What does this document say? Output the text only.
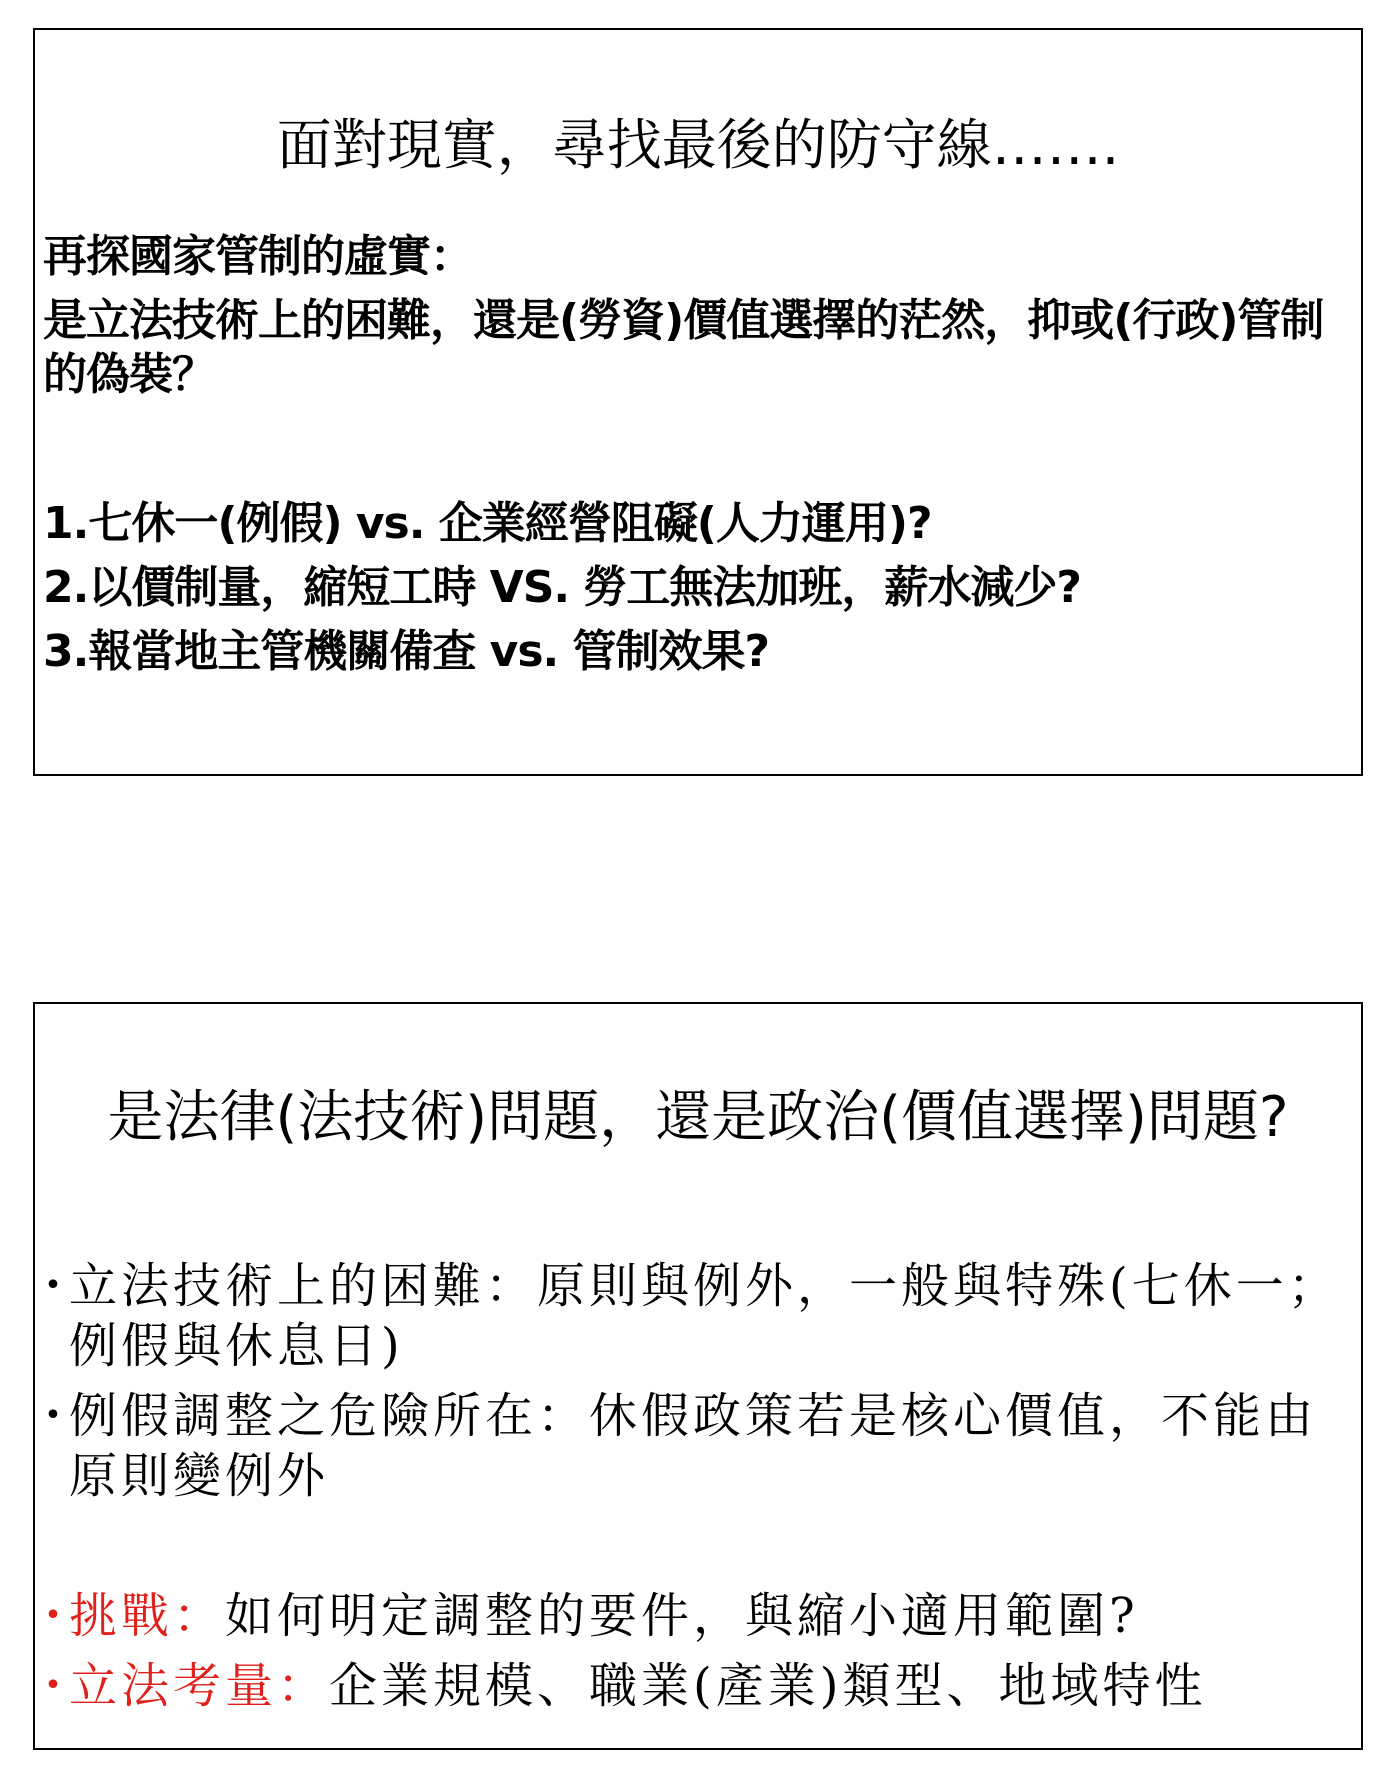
面對現實，尋找最後的防守線…….
再探國家管制的虛實：
是立法技術上的困難，還是(勞資)價值選擇的茫然，抑或(行政)管制的偽裝？
1.七休一(例假) vs. 企業經營阻礙(人力運用)?
2.以價制量，縮短工時 VS. 勞工無法加班，薪水減少?
3.報當地主管機關備查 vs. 管制效果?
是法律(法技術)問題，還是政治(價值選擇)問題?
• 立法技術上的困難：原則與例外，一般與特殊(七休一；例假與休息日)
• 例假調整之危險所在：休假政策若是核心價值，不能由原則變例外
• 挑戰：如何明定調整的要件，與縮小適用範圍?
• 立法考量：企業規模、職業(產業)類型、地域特性
